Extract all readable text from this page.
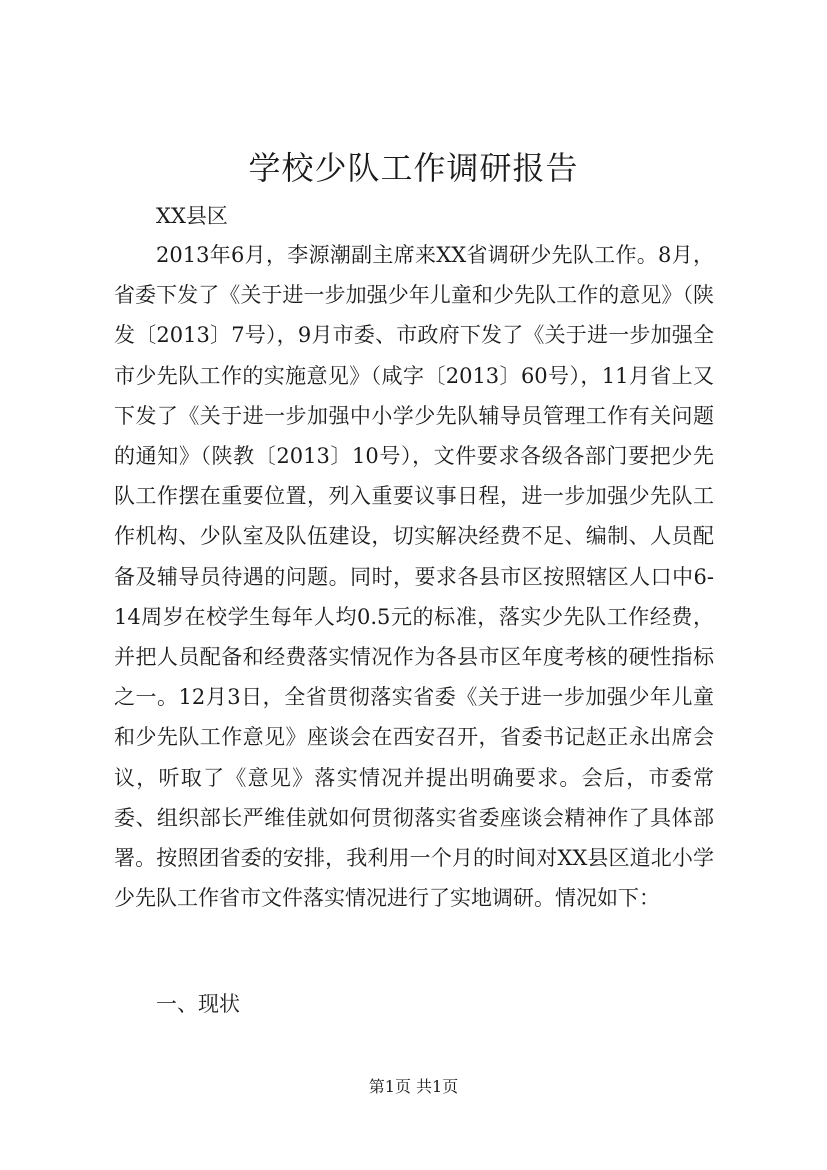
学校少队工作调研报告
XX县区

2013年6月，李源潮副主席来XX省调研少先队工作。8月，省委下发了《关于进一步加强少年儿童和少先队工作的意见》（陕发〔2013〕7号），9月市委、市政府下发了《关于进一步加强全市少先队工作的实施意见》（咸字〔2013〕60号），11月省上又下发了《关于进一步加强中小学少先队辅导员管理工作有关问题的通知》（陕教〔2013〕10号），文件要求各级各部门要把少先队工作摆在重要位置，列入重要议事日程，进一步加强少先队工作机构、少队室及队伍建设，切实解决经费不足、编制、人员配备及辅导员待遇的问题。同时，要求各县市区按照辖区人口中6-14周岁在校学生每年人均0.5元的标准，落实少先队工作经费，并把人员配备和经费落实情况作为各县市区年度考核的硬性指标之一。12月3日，全省贯彻落实省委《关于进一步加强少年儿童和少先队工作意见》座谈会在西安召开，省委书记赵正永出席会议，听取了《意见》落实情况并提出明确要求。会后，市委常委、组织部长严维佳就如何贯彻落实省委座谈会精神作了具体部署。按照团省委的安排，我利用一个月的时间对XX县区道北小学少先队工作省市文件落实情况进行了实地调研。情况如下：

一、现状
第1页 共1页
